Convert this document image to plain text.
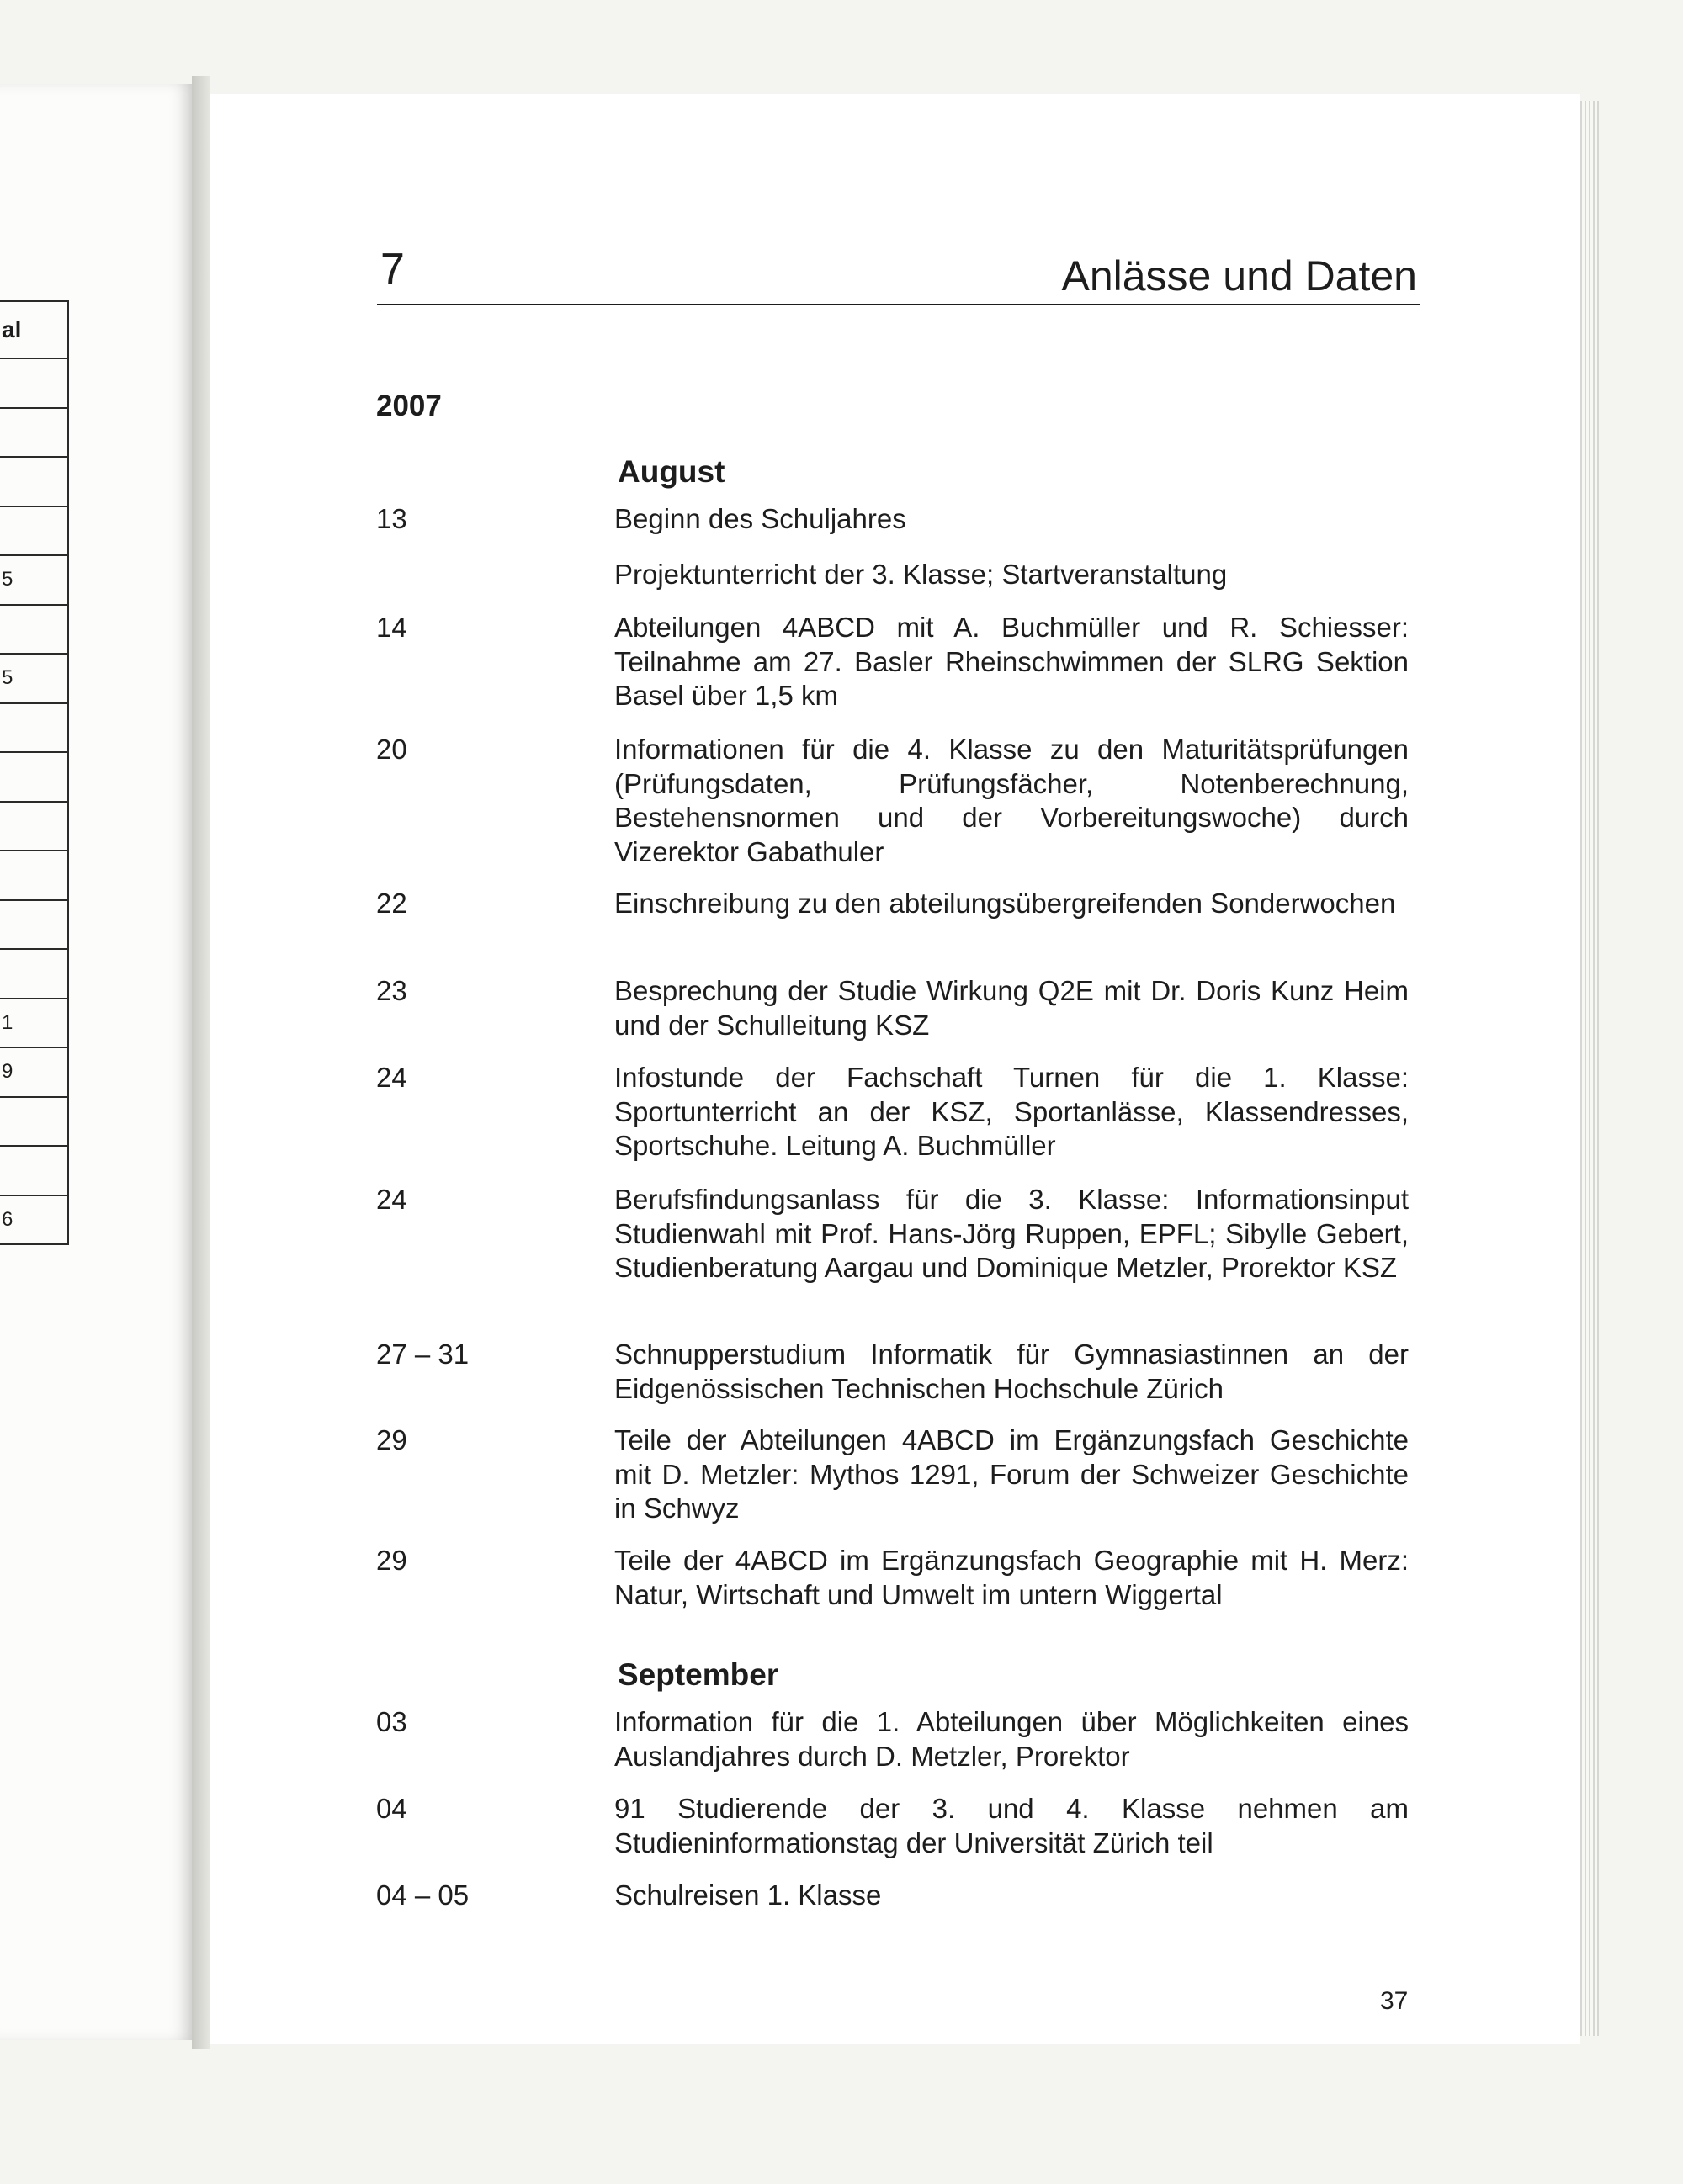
al
5
5
1
9
6
7	Anlässe und Daten
2007
August
13	Beginn des Schuljahres
Projektunterricht der 3. Klasse; Startveranstaltung
14	Abteilungen 4ABCD mit A. Buchmüller und R. Schiesser: Teilnahme am 27. Basler Rheinschwimmen der SLRG Sektion Basel über 1,5 km
20	Informationen für die 4. Klasse zu den Maturitätsprüfungen (Prüfungsdaten, Prüfungsfächer, Notenberechnung, Bestehensnormen und der Vorbereitungswoche) durch Vizerektor Gabathuler
22	Einschreibung zu den abteilungsübergreifenden Sonderwochen
23	Besprechung der Studie Wirkung Q2E mit Dr. Doris Kunz Heim und der Schulleitung KSZ
24	Infostunde der Fachschaft Turnen für die 1. Klasse: Sportunterricht an der KSZ, Sportanlässe, Klassendresses, Sportschuhe. Leitung A. Buchmüller
24	Berufsfindungsanlass für die 3. Klasse: Informationsinput Studienwahl mit Prof. Hans-Jörg Ruppen, EPFL; Sibylle Gebert, Studienberatung Aargau und Dominique Metzler, Prorektor KSZ
27 – 31	Schnupperstudium Informatik für Gymnasiastinnen an der Eidgenössischen Technischen Hochschule Zürich
29	Teile der Abteilungen 4ABCD im Ergänzungsfach Geschichte mit D. Metzler: Mythos 1291, Forum der Schweizer Geschichte in Schwyz
29	Teile der 4ABCD im Ergänzungsfach Geographie mit H. Merz: Natur, Wirtschaft und Umwelt im untern Wiggertal
September
03	Information für die 1. Abteilungen über Möglichkeiten eines Auslandjahres durch D. Metzler, Prorektor
04	91 Studierende der 3. und 4. Klasse nehmen am Studieninformationstag der Universität Zürich teil
04 – 05	Schulreisen 1. Klasse
37
